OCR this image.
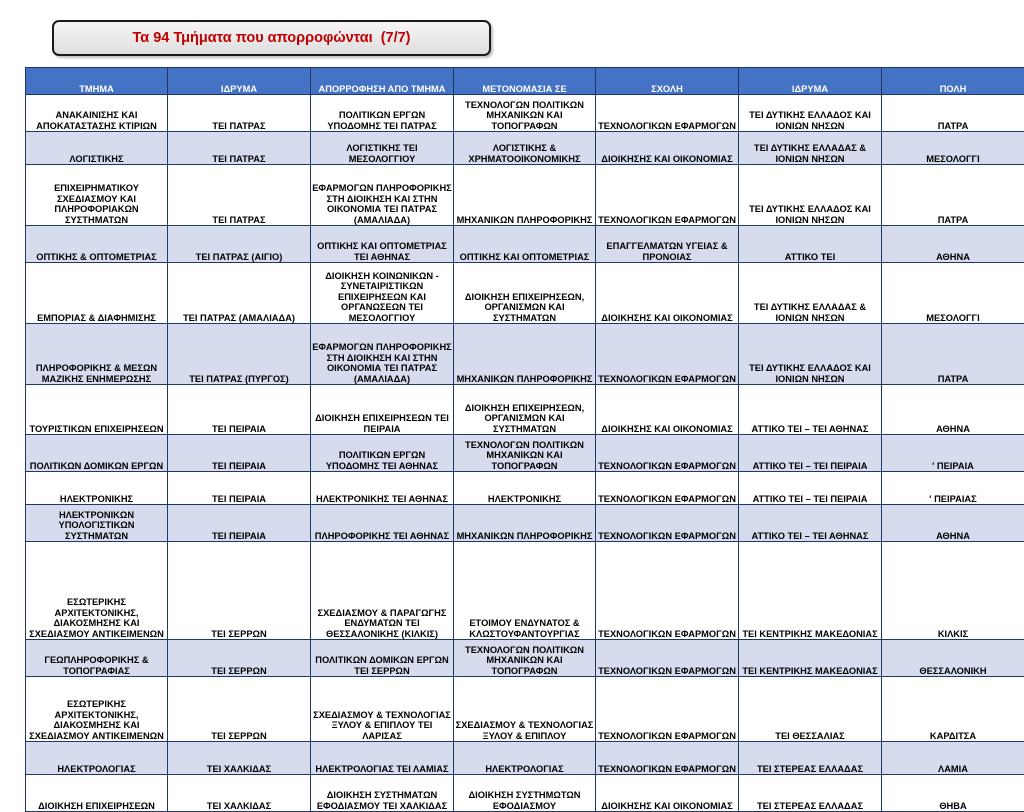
Τα 94 Τμήματα που απορροφώνται  (7/7)
ΤΜΗΜΑ	ΙΔΡΥΜΑ	ΑΠΟΡΡΟΦΗΣΗ ΑΠΟ ΤΜΗΜΑ	ΜΕΤΟΝΟΜΑΣΙΑ ΣΕ	ΣΧΟΛΗ	ΙΔΡΥΜΑ	ΠΟΛΗ
ΑΝΑΚΑΙΝΙΣΗΣ ΚΑΙ ΑΠΟΚΑΤΑΣΤΑΣΗΣ ΚΤΙΡΙΩΝ	ΤΕΙ ΠΑΤΡΑΣ	ΠΟΛΙΤΙΚΩΝ ΕΡΓΩΝ ΥΠΟΔΟΜΗΣ ΤΕΙ ΠΑΤΡΑΣ	ΤΕΧΝΟΛΟΓΩΝ ΠΟΛΙΤΙΚΩΝ ΜΗΧΑΝΙΚΩΝ ΚΑΙ ΤΟΠΟΓΡΑΦΩΝ	ΤΕΧΝΟΛΟΓΙΚΩΝ ΕΦΑΡΜΟΓΩΝ	ΤΕΙ ΔΥΤΙΚΗΣ ΕΛΛΑΔΟΣ ΚΑΙ ΙΟΝΙΩΝ ΝΗΣΩΝ	ΠΑΤΡΑ
ΛΟΓΙΣΤΙΚΗΣ	ΤΕΙ ΠΑΤΡΑΣ	ΛΟΓΙΣΤΙΚΗΣ ΤΕΙ ΜΕΣΟΛΟΓΓΙΟΥ	ΛΟΓΙΣΤΙΚΗΣ & ΧΡΗΜΑΤΟΟΙΚΟΝΟΜΙΚΗΣ	ΔΙΟΙΚΗΣΗΣ ΚΑΙ ΟΙΚΟΝΟΜΙΑΣ	ΤΕΙ ΔΥΤΙΚΗΣ ΕΛΛΑΔΑΣ & ΙΟΝΙΩΝ ΝΗΣΩΝ	ΜΕΣΟΛΟΓΓΙ
ΕΠΙΧΕΙΡΗΜΑΤΙΚΟΥ ΣΧΕΔΙΑΣΜΟΥ ΚΑΙ ΠΛΗΡΟΦΟΡΙΑΚΩΝ ΣΥΣΤΗΜΑΤΩΝ	ΤΕΙ ΠΑΤΡΑΣ	ΕΦΑΡΜΟΓΩΝ ΠΛΗΡΟΦΟΡΙΚΗΣ ΣΤΗ ΔΙΟΙΚΗΣΗ ΚΑΙ ΣΤΗΝ ΟΙΚΟΝΟΜΙΑ ΤΕΙ ΠΑΤΡΑΣ (ΑΜΑΛΙΑΔΑ)	ΜΗΧΑΝΙΚΩΝ ΠΛΗΡΟΦΟΡΙΚΗΣ	ΤΕΧΝΟΛΟΓΙΚΩΝ ΕΦΑΡΜΟΓΩΝ	ΤΕΙ ΔΥΤΙΚΗΣ ΕΛΛΑΔΟΣ ΚΑΙ ΙΟΝΙΩΝ ΝΗΣΩΝ	ΠΑΤΡΑ
ΟΠΤΙΚΗΣ & ΟΠΤΟΜΕΤΡΙΑΣ	ΤΕΙ ΠΑΤΡΑΣ (ΑΙΓΙΟ)	ΟΠΤΙΚΗΣ ΚΑΙ ΟΠΤΟΜΕΤΡΙΑΣ ΤΕΙ ΑΘΗΝΑΣ	ΟΠΤΙΚΗΣ ΚΑΙ ΟΠΤΟΜΕΤΡΙΑΣ	ΕΠΑΓΓΕΛΜΑΤΩΝ ΥΓΕΙΑΣ & ΠΡΟΝΟΙΑΣ	ΑΤΤΙΚΟ ΤΕΙ	ΑΘΗΝΑ
ΕΜΠΟΡΙΑΣ & ΔΙΑΦΗΜΙΣΗΣ	ΤΕΙ ΠΑΤΡΑΣ (ΑΜΑΛΙΑΔΑ)	ΔΙΟΙΚΗΣΗ ΚΟΙΝΩΝΙΚΩΝ - ΣΥΝΕΤΑΙΡΙΣΤΙΚΩΝ ΕΠΙΧΕΙΡΗΣΕΩΝ ΚΑΙ ΟΡΓΑΝΩΣΕΩΝ ΤΕΙ ΜΕΣΟΛΟΓΓΙΟΥ	ΔΙΟΙΚΗΣΗ ΕΠΙΧΕΙΡΗΣΕΩΝ, ΟΡΓΑΝΙΣΜΩΝ ΚΑΙ ΣΥΣΤΗΜΑΤΩΝ	ΔΙΟΙΚΗΣΗΣ ΚΑΙ ΟΙΚΟΝΟΜΙΑΣ	ΤΕΙ ΔΥΤΙΚΗΣ ΕΛΛΑΔΑΣ & ΙΟΝΙΩΝ ΝΗΣΩΝ	ΜΕΣΟΛΟΓΓΙ
ΠΛΗΡΟΦΟΡΙΚΗΣ & ΜΕΣΩΝ ΜΑΖΙΚΗΣ ΕΝΗΜΕΡΩΣΗΣ	ΤΕΙ ΠΑΤΡΑΣ (ΠΥΡΓΟΣ)	ΕΦΑΡΜΟΓΩΝ ΠΛΗΡΟΦΟΡΙΚΗΣ ΣΤΗ ΔΙΟΙΚΗΣΗ ΚΑΙ ΣΤΗΝ ΟΙΚΟΝΟΜΙΑ ΤΕΙ ΠΑΤΡΑΣ (ΑΜΑΛΙΑΔΑ)	ΜΗΧΑΝΙΚΩΝ ΠΛΗΡΟΦΟΡΙΚΗΣ	ΤΕΧΝΟΛΟΓΙΚΩΝ ΕΦΑΡΜΟΓΩΝ	ΤΕΙ ΔΥΤΙΚΗΣ ΕΛΛΑΔΟΣ ΚΑΙ ΙΟΝΙΩΝ ΝΗΣΩΝ	ΠΑΤΡΑ
ΤΟΥΡΙΣΤΙΚΩΝ ΕΠΙΧΕΙΡΗΣΕΩΝ	ΤΕΙ ΠΕΙΡΑΙΑ	ΔΙΟΙΚΗΣΗ ΕΠΙΧΕΙΡΗΣΕΩΝ ΤΕΙ ΠΕΙΡΑΙΑ	ΔΙΟΙΚΗΣΗ ΕΠΙΧΕΙΡΗΣΕΩΝ, ΟΡΓΑΝΙΣΜΩΝ ΚΑΙ ΣΥΣΤΗΜΑΤΩΝ	ΔΙΟΙΚΗΣΗΣ ΚΑΙ ΟΙΚΟΝΟΜΙΑΣ	ΑΤΤΙΚΟ ΤΕΙ – ΤΕΙ ΑΘΗΝΑΣ	ΑΘΗΝΑ
ΠΟΛΙΤΙΚΩΝ ΔΟΜΙΚΩΝ ΕΡΓΩΝ	ΤΕΙ ΠΕΙΡΑΙΑ	ΠΟΛΙΤΙΚΩΝ ΕΡΓΩΝ ΥΠΟΔΟΜΗΣ ΤΕΙ ΑΘΗΝΑΣ	ΤΕΧΝΟΛΟΓΩΝ ΠΟΛΙΤΙΚΩΝ ΜΗΧΑΝΙΚΩΝ ΚΑΙ ΤΟΠΟΓΡΑΦΩΝ	ΤΕΧΝΟΛΟΓΙΚΩΝ ΕΦΑΡΜΟΓΩΝ	ΑΤΤΙΚΟ ΤΕΙ – ΤΕΙ ΠΕΙΡΑΙΑ	' ΠΕΙΡΑΙΑ
ΗΛΕΚΤΡΟΝΙΚΗΣ	ΤΕΙ ΠΕΙΡΑΙΑ	ΗΛΕΚΤΡΟΝΙΚΗΣ ΤΕΙ ΑΘΗΝΑΣ	ΗΛΕΚΤΡΟΝΙΚΗΣ	ΤΕΧΝΟΛΟΓΙΚΩΝ ΕΦΑΡΜΟΓΩΝ	ΑΤΤΙΚΟ ΤΕΙ – ΤΕΙ ΠΕΙΡΑΙΑ	' ΠΕΙΡΑΙΑΣ
ΗΛΕΚΤΡΟΝΙΚΩΝ ΥΠΟΛΟΓΙΣΤΙΚΩΝ ΣΥΣΤΗΜΑΤΩΝ	ΤΕΙ ΠΕΙΡΑΙΑ	ΠΛΗΡΟΦΟΡΙΚΗΣ ΤΕΙ ΑΘΗΝΑΣ	ΜΗΧΑΝΙΚΩΝ ΠΛΗΡΟΦΟΡΙΚΗΣ	ΤΕΧΝΟΛΟΓΙΚΩΝ ΕΦΑΡΜΟΓΩΝ	ΑΤΤΙΚΟ ΤΕΙ – ΤΕΙ ΑΘΗΝΑΣ	ΑΘΗΝΑ
ΕΣΩΤΕΡΙΚΗΣ ΑΡΧΙΤΕΚΤΟΝΙΚΗΣ, ΔΙΑΚΟΣΜΗΣΗΣ ΚΑΙ ΣΧΕΔΙΑΣΜΟΥ ΑΝΤΙΚΕΙΜΕΝΩΝ	ΤΕΙ ΣΕΡΡΩΝ	ΣΧΕΔΙΑΣΜΟΥ & ΠΑΡΑΓΩΓΗΣ ΕΝΔΥΜΑΤΩΝ ΤΕΙ ΘΕΣΣΑΛΟΝΙΚΗΣ (ΚΙΛΚΙΣ)	ΕΤΟΙΜΟΥ ΕΝΔΥΝΑΤΟΣ & ΚΛΩΣΤΟΥΦΑΝΤΟΥΡΓΙΑΣ	ΤΕΧΝΟΛΟΓΙΚΩΝ ΕΦΑΡΜΟΓΩΝ	ΤΕΙ ΚΕΝΤΡΙΚΗΣ ΜΑΚΕΔΟΝΙΑΣ	ΚΙΛΚΙΣ
ΓΕΩΠΛΗΡΟΦΟΡΙΚΗΣ & ΤΟΠΟΓΡΑΦΙΑΣ	ΤΕΙ ΣΕΡΡΩΝ	ΠΟΛΙΤΙΚΩΝ ΔΟΜΙΚΩΝ ΕΡΓΩΝ ΤΕΙ ΣΕΡΡΩΝ	ΤΕΧΝΟΛΟΓΩΝ ΠΟΛΙΤΙΚΩΝ ΜΗΧΑΝΙΚΩΝ ΚΑΙ ΤΟΠΟΓΡΑΦΩΝ	ΤΕΧΝΟΛΟΓΙΚΩΝ ΕΦΑΡΜΟΓΩΝ	ΤΕΙ ΚΕΝΤΡΙΚΗΣ ΜΑΚΕΔΟΝΙΑΣ	ΘΕΣΣΑΛΟΝΙΚΗ
ΕΣΩΤΕΡΙΚΗΣ ΑΡΧΙΤΕΚΤΟΝΙΚΗΣ, ΔΙΑΚΟΣΜΗΣΗΣ ΚΑΙ ΣΧΕΔΙΑΣΜΟΥ ΑΝΤΙΚΕΙΜΕΝΩΝ	ΤΕΙ ΣΕΡΡΩΝ	ΣΧΕΔΙΑΣΜΟΥ & ΤΕΧΝΟΛΟΓΙΑΣ ΞΥΛΟΥ & ΕΠΙΠΛΟΥ ΤΕΙ ΛΑΡΙΣΑΣ	ΣΧΕΔΙΑΣΜΟΥ & ΤΕΧΝΟΛΟΓΙΑΣ ΞΥΛΟΥ & ΕΠΙΠΛΟΥ	ΤΕΧΝΟΛΟΓΙΚΩΝ ΕΦΑΡΜΟΓΩΝ	ΤΕΙ ΘΕΣΣΑΛΙΑΣ	ΚΑΡΔΙΤΣΑ
ΗΛΕΚΤΡΟΛΟΓΙΑΣ	ΤΕΙ ΧΑΛΚΙΔΑΣ	ΗΛΕΚΤΡΟΛΟΓΙΑΣ ΤΕΙ ΛΑΜΙΑΣ	ΗΛΕΚΤΡΟΛΟΓΙΑΣ	ΤΕΧΝΟΛΟΓΙΚΩΝ ΕΦΑΡΜΟΓΩΝ	ΤΕΙ ΣΤΕΡΕΑΣ ΕΛΛΑΔΑΣ	ΛΑΜΙΑ
ΔΙΟΙΚΗΣΗ ΕΠΙΧΕΙΡΗΣΕΩΝ	ΤΕΙ ΧΑΛΚΙΔΑΣ	ΔΙΟΙΚΗΣΗ ΣΥΣΤΗΜΑΤΩΝ ΕΦΟΔΙΑΣΜΟΥ ΤΕΙ ΧΑΛΚΙΔΑΣ	ΔΙΟΙΚΗΣΗ ΣΥΣΤΗΜΩΤΩΝ ΕΦΟΔΙΑΣΜΟΥ	ΔΙΟΙΚΗΣΗΣ ΚΑΙ ΟΙΚΟΝΟΜΙΑΣ	ΤΕΙ ΣΤΕΡΕΑΣ ΕΛΛΑΔΑΣ	ΘΗΒΑ
